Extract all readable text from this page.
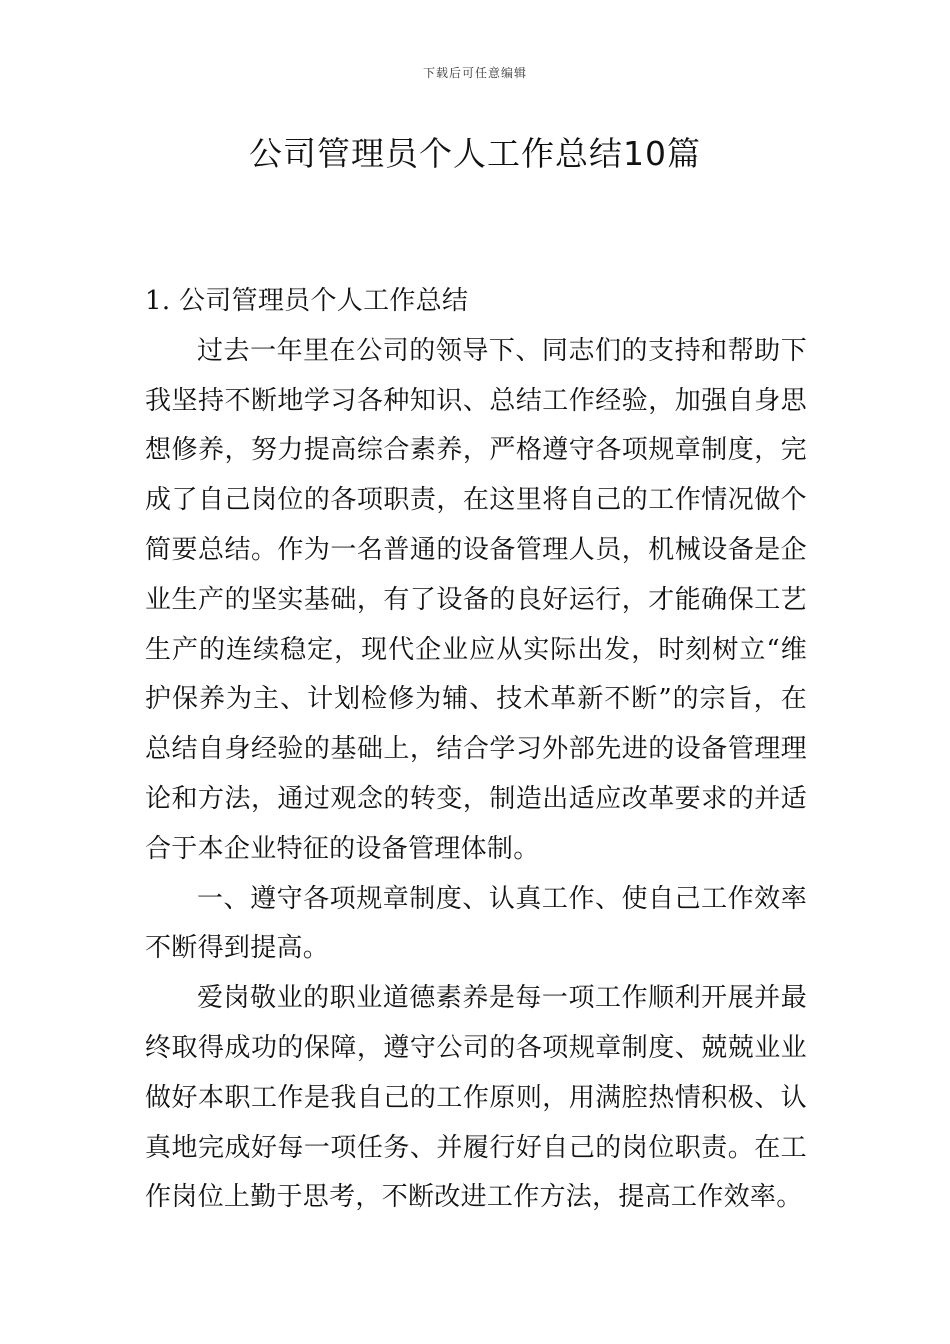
下载后可任意编辑
公司管理员个人工作总结10篇

1. 公司管理员个人工作总结

过去一年里在公司的领导下、同志们的支持和帮助下我坚持不断地学习各种知识、总结工作经验，加强自身思想修养，努力提高综合素养，严格遵守各项规章制度，完成了自己岗位的各项职责，在这里将自己的工作情况做个简要总结。作为一名普通的设备管理人员，机械设备是企业生产的坚实基础，有了设备的良好运行，才能确保工艺生产的连续稳定，现代企业应从实际出发，时刻树立“维护保养为主、计划检修为辅、技术革新不断”的宗旨，在总结自身经验的基础上，结合学习外部先进的设备管理理论和方法，通过观念的转变，制造出适应改革要求的并适合于本企业特征的设备管理体制。

一、遵守各项规章制度、认真工作、使自己工作效率不断得到提高。

爱岗敬业的职业道德素养是每一项工作顺利开展并最终取得成功的保障，遵守公司的各项规章制度、兢兢业业做好本职工作是我自己的工作原则，用满腔热情积极、认真地完成好每一项任务、并履行好自己的岗位职责。在工作岗位上勤于思考，不断改进工作方法，提高工作效率。
